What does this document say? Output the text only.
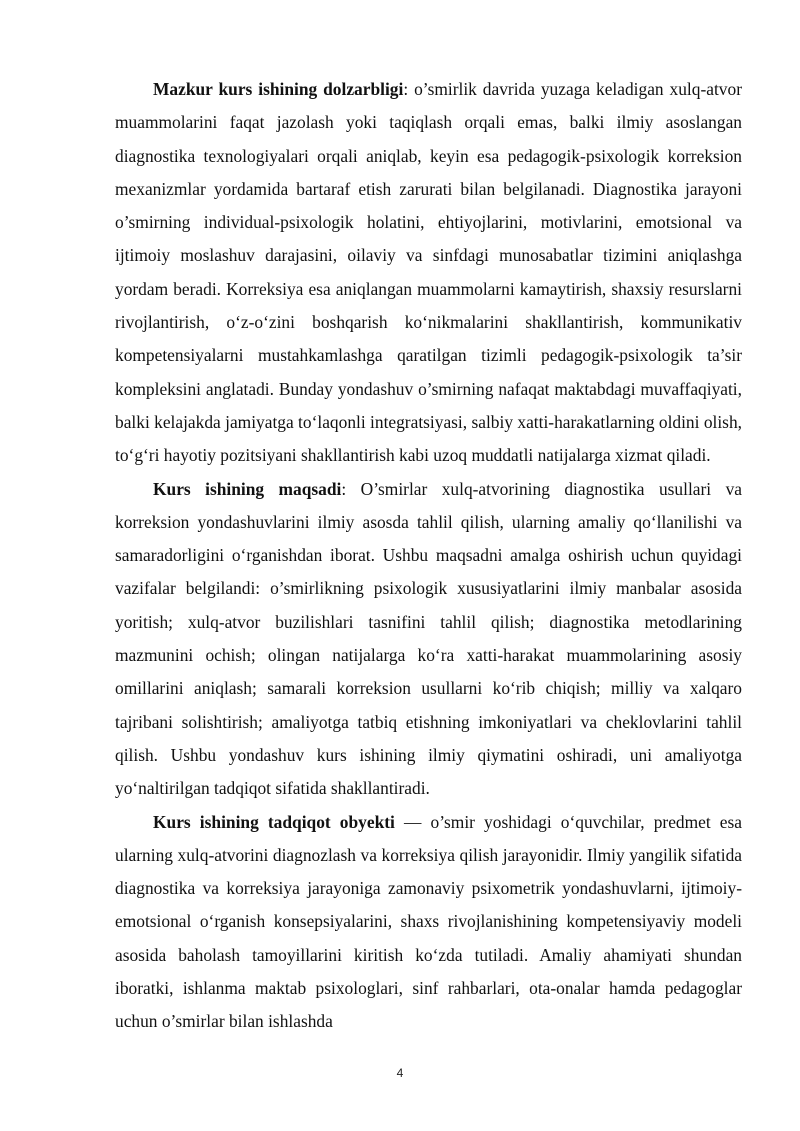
Mazkur kurs ishining dolzarbligi: o’smirlik davrida yuzaga keladigan xulq-atvor muammolarini faqat jazolash yoki taqiqlash orqali emas, balki ilmiy asoslangan diagnostika texnologiyalari orqali aniqlab, keyin esa pedagogik-psixologik korreksion mexanizmlar yordamida bartaraf etish zarurati bilan belgilanadi. Diagnostika jarayoni o’smirning individual-psixologik holatini, ehtiyojlarini, motivlarini, emotsional va ijtimoiy moslashuv darajasini, oilaviy va sinfdagi munosabatlar tizimini aniqlashga yordam beradi. Korreksiya esa aniqlangan muammolarni kamaytirish, shaxsiy resurslarni rivojlantirish, o‘z-o‘zini boshqarish ko‘nikmalarini shakllantirish, kommunikativ kompetensiyalarni mustahkamlashga qaratilgan tizimli pedagogik-psixologik ta’sir kompleksini anglatadi. Bunday yondashuv o’smirning nafaqat maktabdagi muvaffaqiyati, balki kelajakda jamiyatga to‘laqonli integratsiyasi, salbiy xatti-harakatlarning oldini olish, to‘g‘ri hayotiy pozitsiyani shakllantirish kabi uzoq muddatli natijalarga xizmat qiladi.

Kurs ishining maqsadi: O’smirlar xulq-atvorining diagnostika usullari va korreksion yondashuvlarini ilmiy asosda tahlil qilish, ularning amaliy qo‘llanilishi va samaradorligini o‘rganishdan iborat. Ushbu maqsadni amalga oshirish uchun quyidagi vazifalar belgilandi: o’smirlikning psixologik xususiyatlarini ilmiy manbalar asosida yoritish; xulq-atvor buzilishlari tasnifini tahlil qilish; diagnostika metodlarining mazmunini ochish; olingan natijalarga ko‘ra xatti-harakat muammolarining asosiy omillarini aniqlash; samarali korreksion usullarni ko‘rib chiqish; milliy va xalqaro tajribani solishtirish; amaliyotga tatbiq etishning imkoniyatlari va cheklovlarini tahlil qilish. Ushbu yondashuv kurs ishining ilmiy qiymatini oshiradi, uni amaliyotga yo‘naltirilgan tadqiqot sifatida shakllantiradi.

Kurs ishining tadqiqot obyekti — o’smir yoshidagi o‘quvchilar, predmet esa ularning xulq-atvorini diagnozlash va korreksiya qilish jarayonidir. Ilmiy yangilik sifatida diagnostika va korreksiya jarayoniga zamonaviy psixometrik yondashuvlarni, ijtimoiy-emotsional o‘rganish konsepsiyalarini, shaxs rivojlanishining kompetensiyaviy modeli asosida baholash tamoyillarini kiritish ko‘zda tutiladi. Amaliy ahamiyati shundan iboratki, ishlanma maktab psixologlari, sinf rahbarlari, ota-onalar hamda pedagoglar uchun o’smirlar bilan ishlashda

4
